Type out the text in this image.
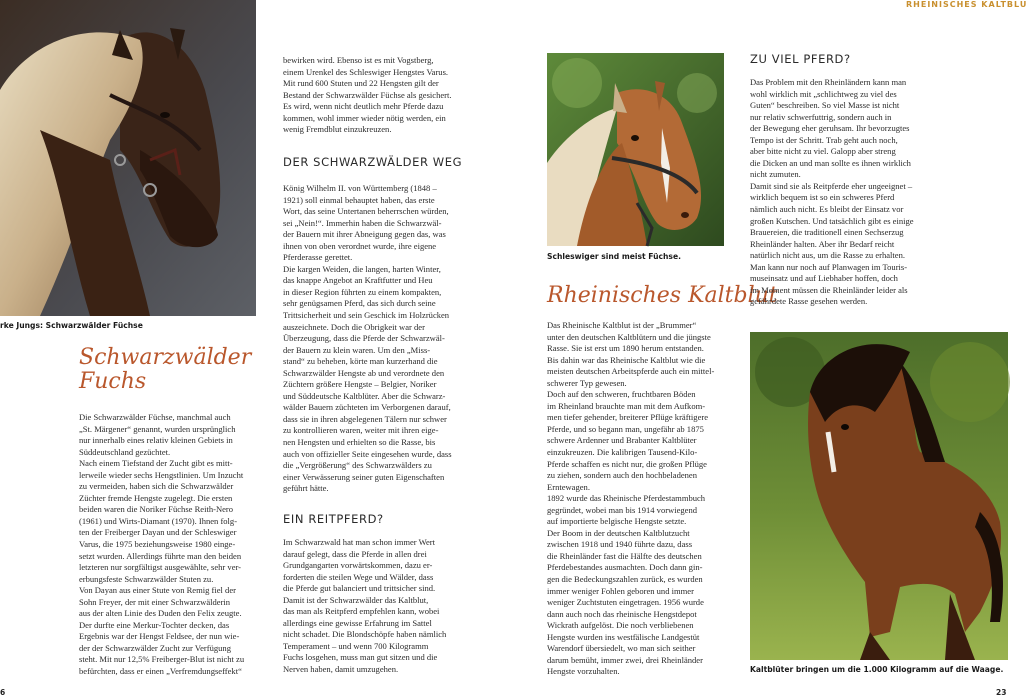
RHEINISCHES KALTBLU
6	23
rke Jungs: Schwarzwälder Füchse
Schwarzwälder
Fuchs

Die Schwarzwälder Füchse, manchmal auch

„St. Märgener“ genannt, wurden ursprünglich

nur innerhalb eines relativ kleinen Gebiets in

Süddeutschland gezüchtet.

Nach einem Tiefstand der Zucht gibt es mitt-

lerweile wieder sechs Hengstlinien. Um Inzucht

zu vermeiden, haben sich die Schwarzwälder

Züchter fremde Hengste zugelegt. Die ersten

beiden waren die Noriker Füchse Reith-Nero

(1961) und Wirts-Diamant (1970). Ihnen folg-

ten der Freiberger Dayan und der Schleswiger

Varus, die 1975 beziehungsweise 1980 einge-

setzt wurden. Allerdings führte man den beiden

letzteren nur sorgfältigst ausgewählte, sehr ver-

erbungsfeste Schwarzwälder Stuten zu.

Von Dayan aus einer Stute von Remig fiel der

Sohn Freyer, der mit einer Schwarzwälderin

aus der alten Linie des Duden den Felix zeugte.

Der durfte eine Merkur-Tochter decken, das

Ergebnis war der Hengst Feldsee, der nun wie-

der der Schwarzwälder Zucht zur Verfügung

steht. Mit nur 12,5% Freiberger-Blut ist nicht zu

befürchten, dass er einen „Verfremdungseffekt“

bewirken wird. Ebenso ist es mit Vogstberg,

einem Urenkel des Schleswiger Hengstes Varus.

Mit rund 600 Stuten und 22 Hengsten gilt der

Bestand der Schwarzwälder Füchse als gesichert.

Es wird, wenn nicht deutlich mehr Pferde dazu

kommen, wohl immer wieder nötig werden, ein

wenig Fremdblut einzukreuzen.

DER SCHWARZWÄLDER WEG

König Wilhelm II. von Württemberg (1848 –

1921) soll einmal behauptet haben, das erste

Wort, das seine Untertanen beherrschen würden,

sei „Nein!“. Immerhin haben die Schwarzwäl-

der Bauern mit ihrer Abneigung gegen das, was

ihnen von oben verordnet wurde, ihre eigene

Pferderasse gerettet.

Die kargen Weiden, die langen, harten Winter,

das knappe Angebot an Kraftfutter und Heu

in dieser Region führten zu einem kompakten,

sehr genügsamen Pferd, das sich durch seine

Trittsicherheit und sein Geschick im Holzrücken

auszeichnete. Doch die Obrigkeit war der

Überzeugung, dass die Pferde der Schwarzwäl-

der Bauern zu klein waren. Um den „Miss-

stand“ zu beheben, körte man kurzerhand die

Schwarzwälder Hengste ab und verordnete den

Züchtern größere Hengste – Belgier, Noriker

und Süddeutsche Kaltblüter. Aber die Schwarz-

wälder Bauern züchteten im Verborgenen darauf,

dass sie in ihren abgelegenen Tälern nur schwer

zu kontrollieren waren, weiter mit ihren eige-

nen Hengsten und erhielten so die Rasse, bis

auch von offizieller Seite eingesehen wurde, dass

die „Vergrößerung“ des Schwarzwälders zu

einer Verwässerung seiner guten Eigenschaften

geführt hätte.

EIN REITPFERD?

Im Schwarzwald hat man schon immer Wert

darauf gelegt, dass die Pferde in allen drei

Grundgangarten vorwärtskommen, dazu er-

forderten die steilen Wege und Wälder, dass

die Pferde gut balanciert und trittsicher sind.

Damit ist der Schwarzwälder das Kaltblut,

das man als Reitpferd empfehlen kann, wobei

allerdings eine gewisse Erfahrung im Sattel

nicht schadet. Die Blondschöpfe haben nämlich

Temperament – und wenn 700 Kilogramm

Fuchs losgehen, muss man gut sitzen und die

Nerven haben, damit umzugehen.

Schleswiger sind meist Füchse.
Rheinisches Kaltblut

Das Rheinische Kaltblut ist der „Brummer“

unter den deutschen Kaltblütern und die jüngste

Rasse. Sie ist erst um 1890 herum entstanden.

Bis dahin war das Rheinische Kaltblut wie die

meisten deutschen Arbeitspferde auch ein mittel-

schwerer Typ gewesen.

Doch auf den schweren, fruchtbaren Böden

im Rheinland brauchte man mit dem Aufkom-

men tiefer gehender, breiterer Pflüge kräftigere

Pferde, und so begann man, ungefähr ab 1875

schwere Ardenner und Brabanter Kaltblüter

einzukreuzen. Die kalibrigen Tausend-Kilo-

Pferde schaffen es nicht nur, die großen Pflüge

zu ziehen, sondern auch den hochbeladenen

Erntewagen.

1892 wurde das Rheinische Pferdestammbuch

gegründet, wobei man bis 1914 vorwiegend

auf importierte belgische Hengste setzte.

Der Boom in der deutschen Kaltblutzucht

zwischen 1918 und 1940 führte dazu, dass

die Rheinländer fast die Hälfte des deutschen

Pferdebestandes ausmachten. Doch dann gin-

gen die Bedeckungszahlen zurück, es wurden

immer weniger Fohlen geboren und immer

weniger Zuchtstuten eingetragen. 1956 wurde

dann auch noch das rheinische Hengstdepot

Wickrath aufgelöst. Die noch verbliebenen

Hengste wurden ins westfälische Landgestüt

Warendorf übersiedelt, wo man sich seither

darum bemüht, immer zwei, drei Rheinländer

Hengste vorzuhalten.

ZU VIEL PFERD?

Das Problem mit den Rheinländern kann man

wohl wirklich mit „schlichtweg zu viel des

Guten“ beschreiben. So viel Masse ist nicht

nur relativ schwerfuttrig, sondern auch in

der Bewegung eher geruhsam. Ihr bevorzugtes

Tempo ist der Schritt. Trab geht auch noch,

aber bitte nicht zu viel. Galopp aber streng

die Dicken an und man sollte es ihnen wirklich

nicht zumuten.

Damit sind sie als Reitpferde eher ungeeignet –

wirklich bequem ist so ein schweres Pferd

nämlich auch nicht. Es bleibt der Einsatz vor

großen Kutschen. Und tatsächlich gibt es einige

Brauereien, die traditionell einen Sechserzug

Rheinländer halten. Aber ihr Bedarf reicht

natürlich nicht aus, um die Rasse zu erhalten.

Man kann nur noch auf Planwagen im Touris-

museinsatz und auf Liebhaber hoffen, doch

im Moment müssen die Rheinländer leider als

gefährdete Rasse gesehen werden.

Kaltblüter bringen um die 1.000 Kilogramm auf die Waage.
